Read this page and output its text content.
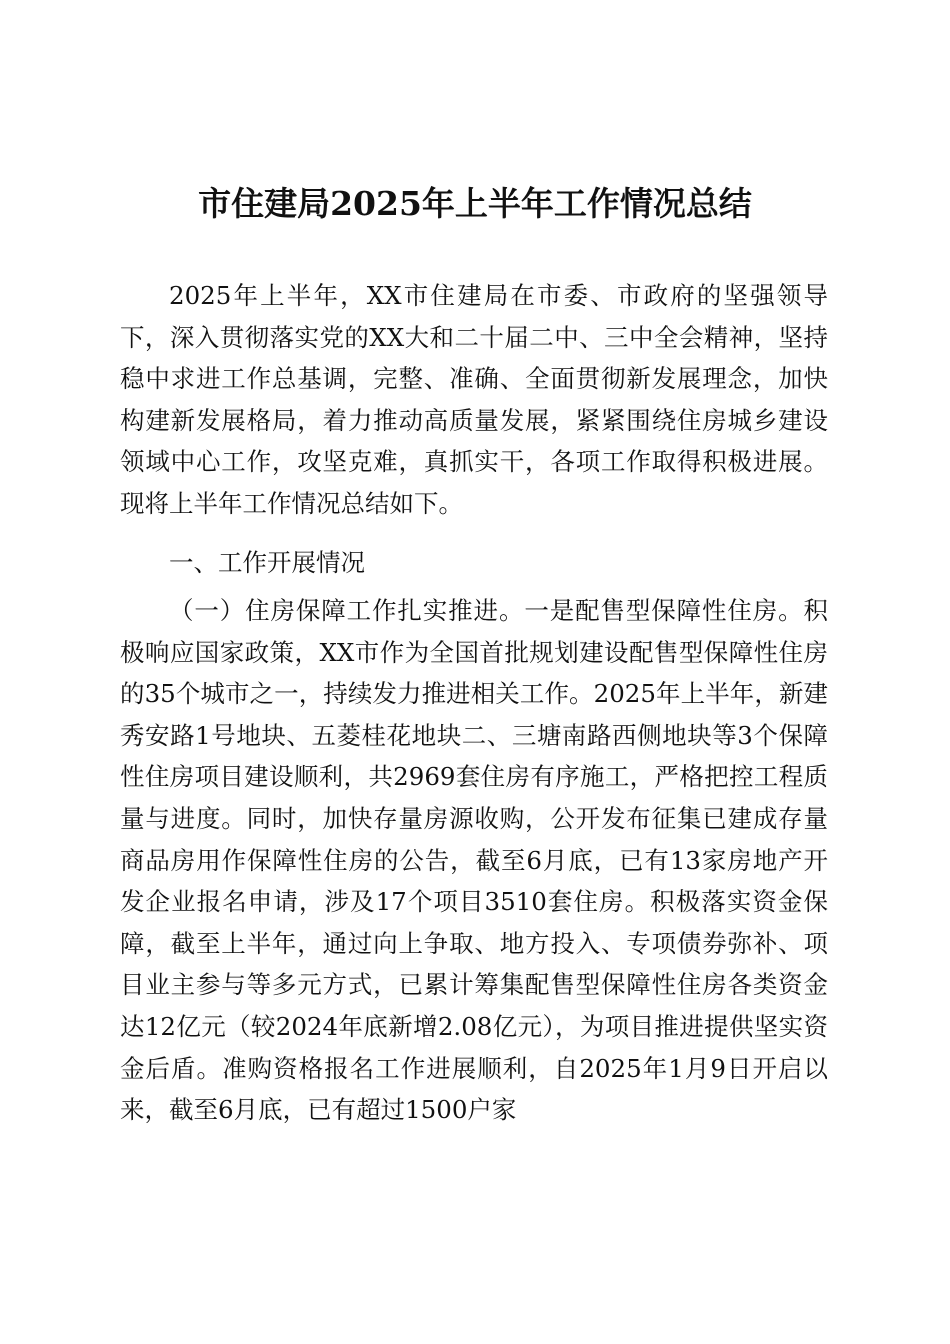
市住建局2025年上半年工作情况总结

2025年上半年，XX市住建局在市委、市政府的坚强领导下，深入贯彻落实党的XX大和二十届二中、三中全会精神，坚持稳中求进工作总基调，完整、准确、全面贯彻新发展理念，加快构建新发展格局，着力推动高质量发展，紧紧围绕住房城乡建设领域中心工作，攻坚克难，真抓实干，各项工作取得积极进展。现将上半年工作情况总结如下。

一、工作开展情况

（一）住房保障工作扎实推进。一是配售型保障性住房。积极响应国家政策，XX市作为全国首批规划建设配售型保障性住房的35个城市之一，持续发力推进相关工作。2025年上半年，新建秀安路1号地块、五菱桂花地块二、三塘南路西侧地块等3个保障性住房项目建设顺利，共2969套住房有序施工，严格把控工程质量与进度。同时，加快存量房源收购，公开发布征集已建成存量商品房用作保障性住房的公告，截至6月底，已有13家房地产开发企业报名申请，涉及17个项目3510套住房。积极落实资金保障，截至上半年，通过向上争取、地方投入、专项债券弥补、项目业主参与等多元方式，已累计筹集配售型保障性住房各类资金达12亿元（较2024年底新增2.08亿元），为项目推进提供坚实资金后盾。准购资格报名工作进展顺利，自2025年1月9日开启以来，截至6月底，已有超过1500户家
